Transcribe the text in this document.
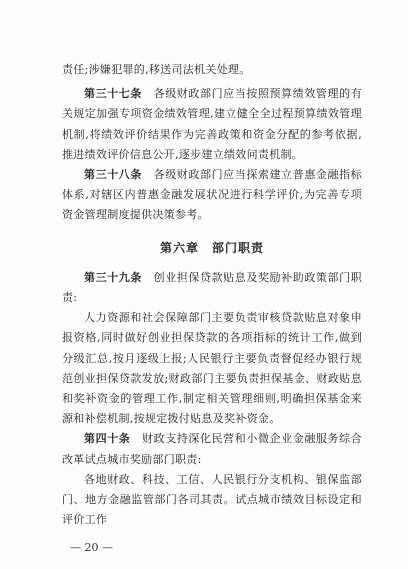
责任;涉嫌犯罪的,移送司法机关处理。

第三十七条　 各级财政部门应当按照预算绩效管理的有关规定加强专项资金绩效管理,建立健全全过程预算绩效管理机制,将绩效评价结果作为完善政策和资金分配的参考依据,推进绩效评价信息公开,逐步建立绩效问责机制。

第三十八条　 各级财政部门应当探索建立普惠金融指标体系,对辖区内普惠金融发展状况进行科学评价,为完善专项资金管理制度提供决策参考。

第六章　部门职责

第三十九条　 创业担保贷款贴息及奖励补助政策部门职责:

人力资源和社会保障部门主要负责审核贷款贴息对象申报资格,同时做好创业担保贷款的各项指标的统计工作,做到分级汇总,按月逐级上报;人民银行主要负责督促经办银行规范创业担保贷款发放;财政部门主要负责担保基金、财政贴息和奖补资金的管理工作,制定相关管理细则,明确担保基金来源和补偿机制,按规定拨付贴息及奖补资金。

第四十条　 财政支持深化民营和小微企业金融服务综合改革试点城市奖励部门职责:

各地财政、科技、工信、人民银行分支机构、银保监部门、地方金融监管部门各司其责。试点城市绩效目标设定和评价工作

— 20 —
